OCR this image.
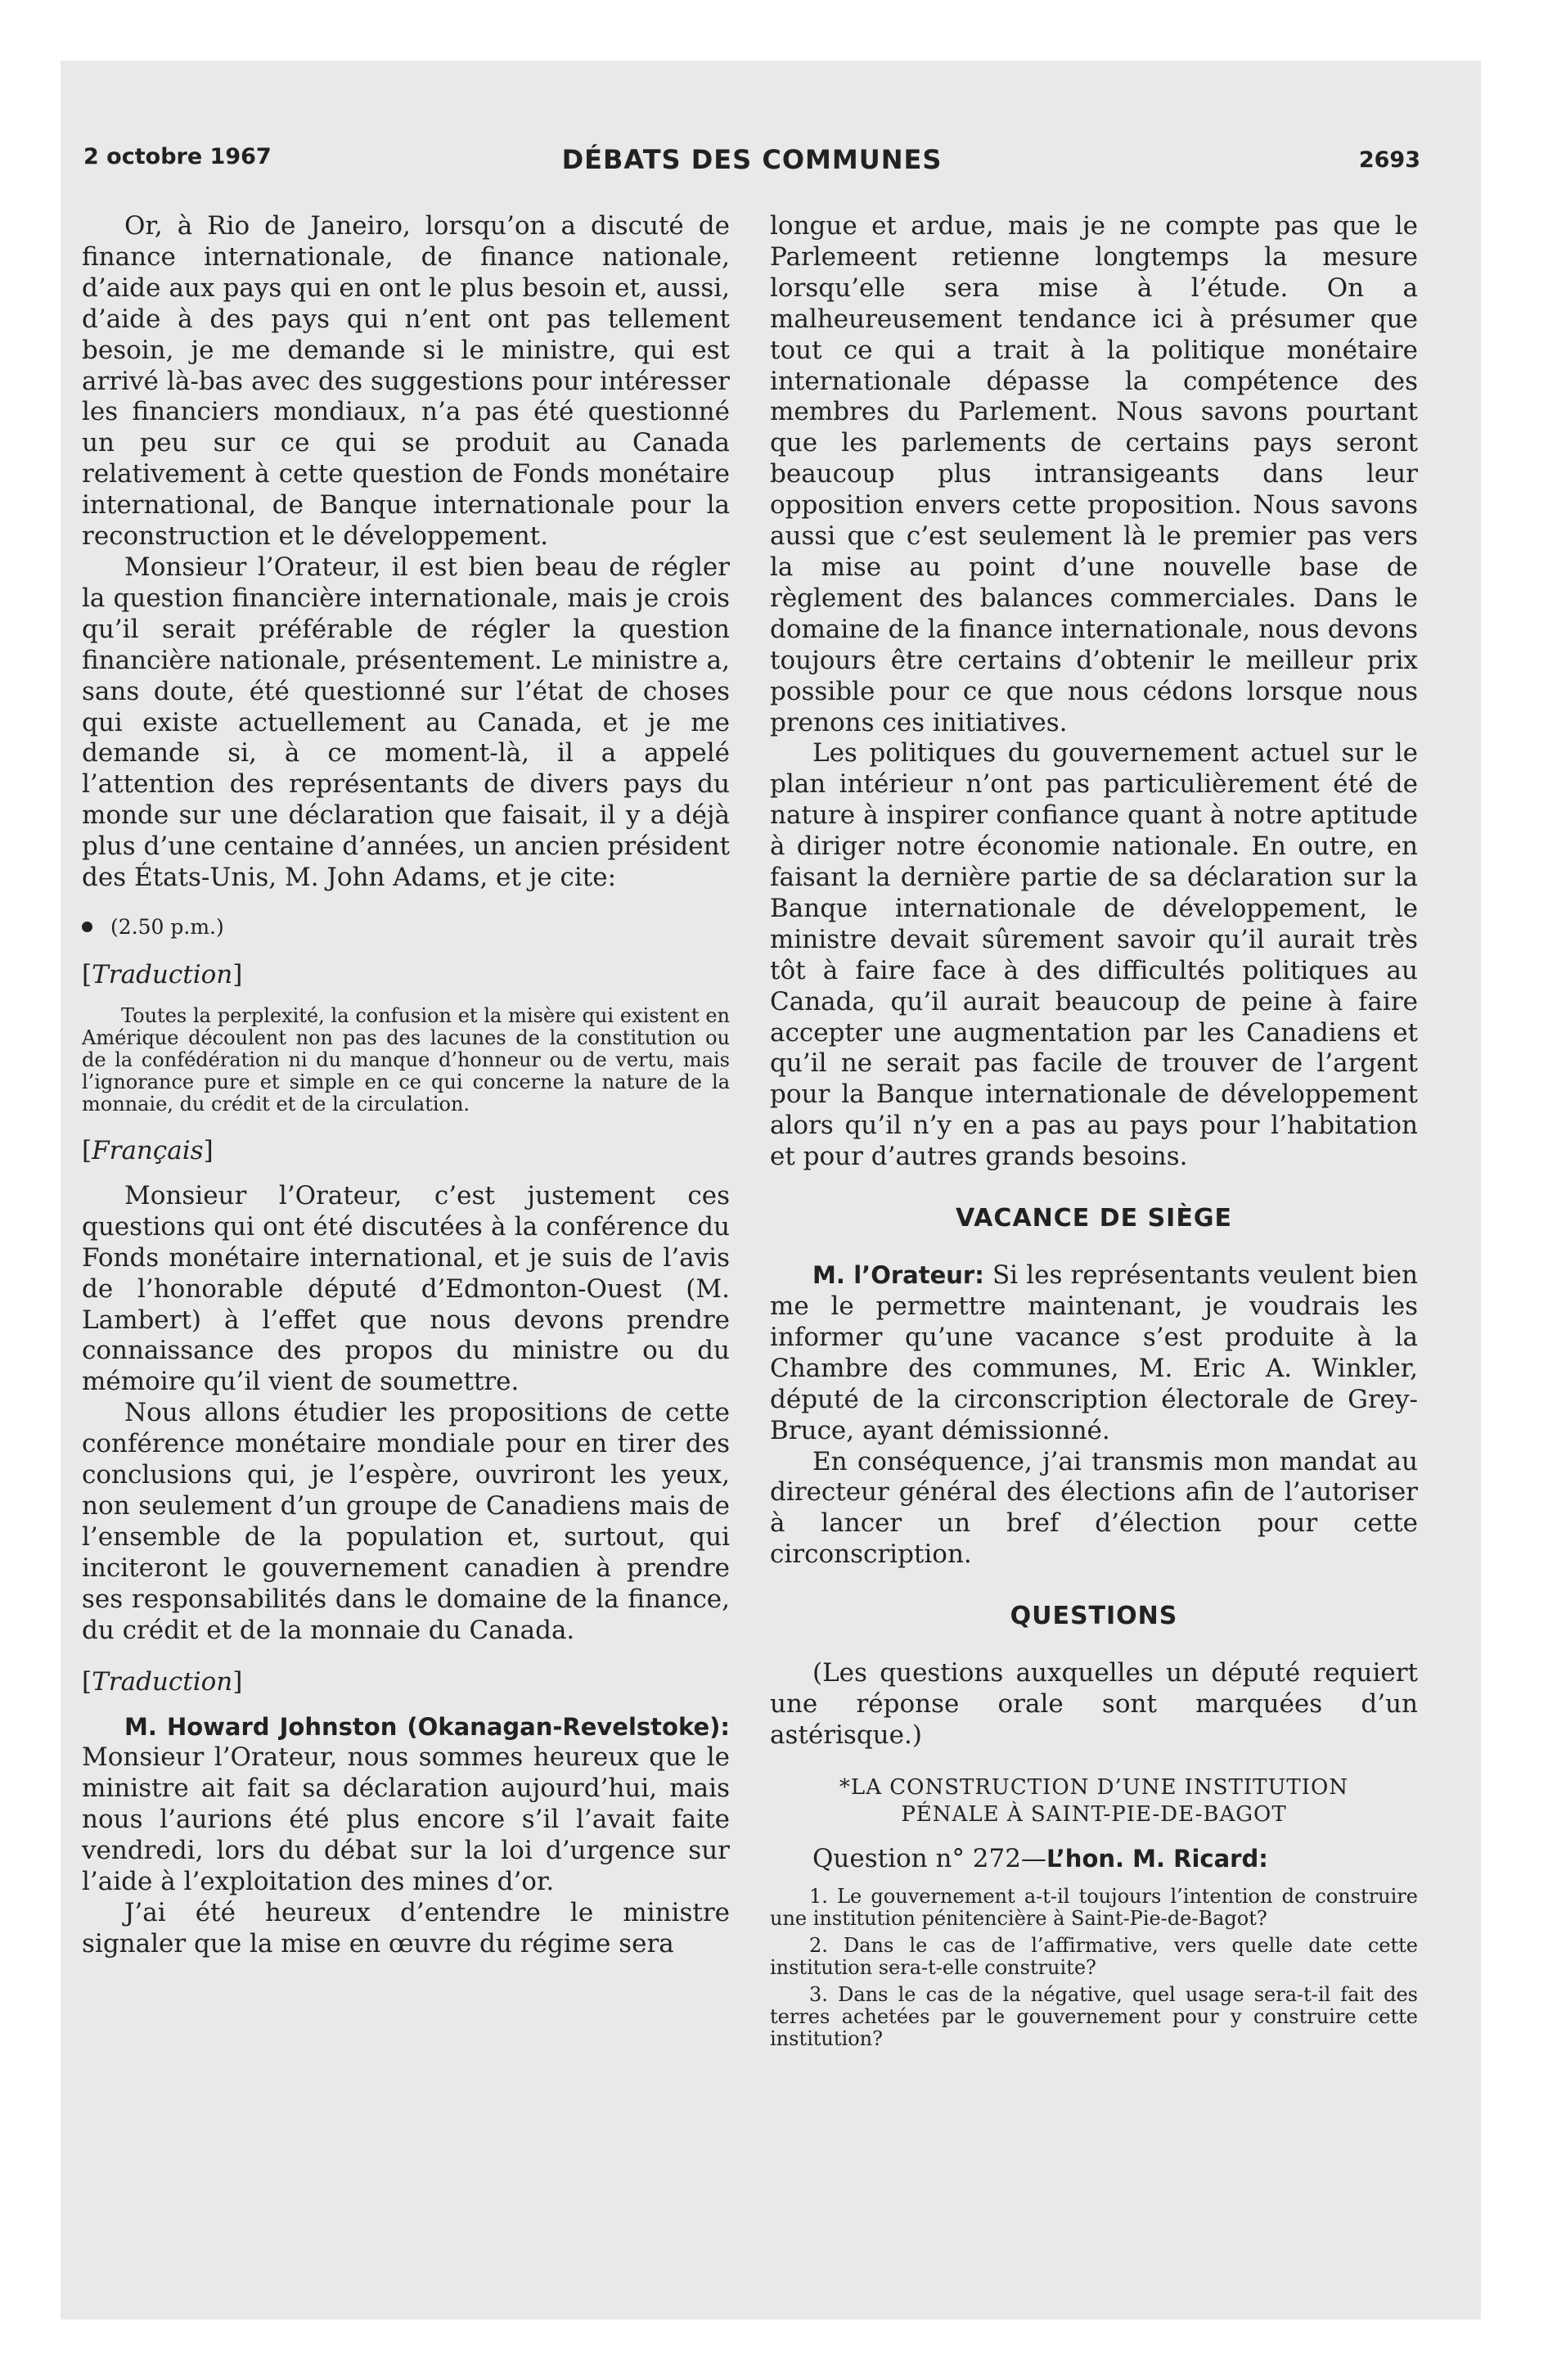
2 octobre 1967	DÉBATS DES COMMUNES	2693

Or, à Rio de Janeiro, lorsqu’on a discuté de finance internationale, de finance nationale, d’aide aux pays qui en ont le plus besoin et, aussi, d’aide à des pays qui n’ent ont pas tellement besoin, je me demande si le ministre, qui est arrivé là-bas avec des suggestions pour intéresser les financiers mondiaux, n’a pas été questionné un peu sur ce qui se produit au Canada relativement à cette question de Fonds monétaire international, de Banque internationale pour la reconstruction et le développement.

Monsieur l’Orateur, il est bien beau de régler la question financière internationale, mais je crois qu’il serait préférable de régler la question financière nationale, présentement. Le ministre a, sans doute, été questionné sur l’état de choses qui existe actuellement au Canada, et je me demande si, à ce moment-là, il a appelé l’attention des représentants de divers pays du monde sur une déclaration que faisait, il y a déjà plus d’une centaine d’années, un ancien président des États-Unis, M. John Adams, et je cite:

(2.50 p.m.)

[Traduction]

Toutes la perplexité, la confusion et la misère qui existent en Amérique découlent non pas des lacunes de la constitution ou de la confédération ni du manque d’honneur ou de vertu, mais l’ignorance pure et simple en ce qui concerne la nature de la monnaie, du crédit et de la circulation.

[Français]

Monsieur l’Orateur, c’est justement ces questions qui ont été discutées à la conférence du Fonds monétaire international, et je suis de l’avis de l’honorable député d’Edmonton-Ouest (M. Lambert) à l’effet que nous devons prendre connaissance des propos du ministre ou du mémoire qu’il vient de soumettre.

Nous allons étudier les propositions de cette conférence monétaire mondiale pour en tirer des conclusions qui, je l’espère, ouvriront les yeux, non seulement d’un groupe de Canadiens mais de l’ensemble de la population et, surtout, qui inciteront le gouvernement canadien à prendre ses responsabilités dans le domaine de la finance, du crédit et de la monnaie du Canada.

[Traduction]

M. Howard Johnston (Okanagan-Revelstoke): Monsieur l’Orateur, nous sommes heureux que le ministre ait fait sa déclaration aujourd’hui, mais nous l’aurions été plus encore s’il l’avait faite vendredi, lors du débat sur la loi d’urgence sur l’aide à l’exploitation des mines d’or.

J’ai été heureux d’entendre le ministre signaler que la mise en œuvre du régime sera

longue et ardue, mais je ne compte pas que le Parlemeent retienne longtemps la mesure lorsqu’elle sera mise à l’étude. On a malheureusement tendance ici à présumer que tout ce qui a trait à la politique monétaire internationale dépasse la compétence des membres du Parlement. Nous savons pourtant que les parlements de certains pays seront beaucoup plus intransigeants dans leur opposition envers cette proposition. Nous savons aussi que c’est seulement là le premier pas vers la mise au point d’une nouvelle base de règlement des balances commerciales. Dans le domaine de la finance internationale, nous devons toujours être certains d’obtenir le meilleur prix possible pour ce que nous cédons lorsque nous prenons ces initiatives.

Les politiques du gouvernement actuel sur le plan intérieur n’ont pas particulièrement été de nature à inspirer confiance quant à notre aptitude à diriger notre économie nationale. En outre, en faisant la dernière partie de sa déclaration sur la Banque internationale de développement, le ministre devait sûrement savoir qu’il aurait très tôt à faire face à des difficultés politiques au Canada, qu’il aurait beaucoup de peine à faire accepter une augmentation par les Canadiens et qu’il ne serait pas facile de trouver de l’argent pour la Banque internationale de développement alors qu’il n’y en a pas au pays pour l’habitation et pour d’autres grands besoins.

VACANCE DE SIÈGE

M. l’Orateur: Si les représentants veulent bien me le permettre maintenant, je voudrais les informer qu’une vacance s’est produite à la Chambre des communes, M. Eric A. Winkler, député de la circonscription électorale de Grey-Bruce, ayant démissionné.

En conséquence, j’ai transmis mon mandat au directeur général des élections afin de l’autoriser à lancer un bref d’élection pour cette circonscription.

QUESTIONS

(Les questions auxquelles un député requiert une réponse orale sont marquées d’un astérisque.)

*LA CONSTRUCTION D’UNE INSTITUTION
PÉNALE À SAINT-PIE-DE-BAGOT

Question n° 272—L’hon. M. Ricard:

1. Le gouvernement a-t-il toujours l’intention de construire une institution pénitencière à Saint-Pie-de-Bagot?

2. Dans le cas de l’affirmative, vers quelle date cette institution sera-t-elle construite?

3. Dans le cas de la négative, quel usage sera-t-il fait des terres achetées par le gouvernement pour y construire cette institution?
